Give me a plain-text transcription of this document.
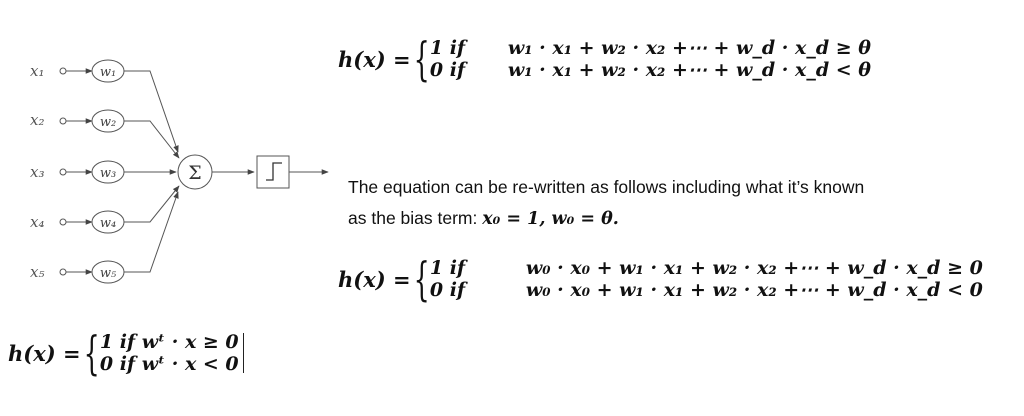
x₁	w₁
x₂	w₂
x₃	w₃
x₄	w₄
x₅	w₅
Σ
h(x) = { 1 if	w₁ · x₁ + w₂ · x₂ +⋯ + w_d · x_d ≥ θ
0 if	w₁ · x₁ + w₂ · x₂ +⋯ + w_d · x_d < θ
The equation can be re-written as follows including what it’s known
as the bias term: x₀ = 1, w₀ = θ.
h(x) = { 1 if	w₀ · x₀ + w₁ · x₁ + w₂ · x₂ +⋯ + w_d · x_d ≥ 0
0 if	w₀ · x₀ + w₁ · x₁ + w₂ · x₂ +⋯ + w_d · x_d < 0
h(x) = { 1 if wᵗ · x ≥ 0
0 if wᵗ · x < 0
